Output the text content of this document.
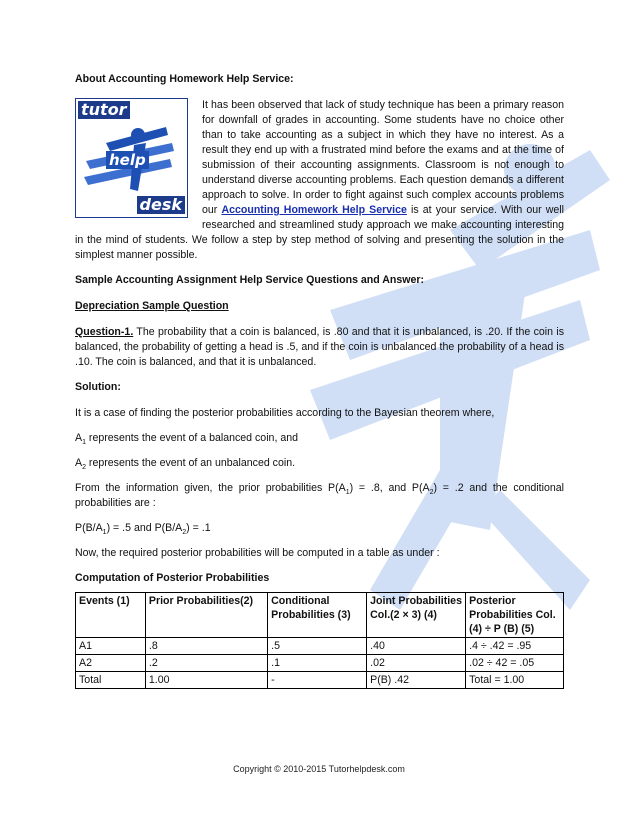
About Accounting Homework Help Service:
tutor
help
desk
It has been observed that lack of study technique has been a primary reason for downfall of grades in accounting. Some students have no choice other than to take accounting as a subject in which they have no interest. As a result they end up with a frustrated mind before the exams and at the time of submission of their accounting assignments. Classroom is not enough to understand diverse accounting problems. Each question demands a different approach to solve. In order to fight against such complex accounts problems our Accounting Homework Help Service is at your service. With our well researched and streamlined study approach we make accounting interesting in the mind of students. We follow a step by step method of solving and presenting the solution in the simplest manner possible.
Sample Accounting Assignment Help Service Questions and Answer:
Depreciation Sample Question

Question-1. The probability that a coin is balanced, is .80 and that it is unbalanced, is .20. If the coin is balanced, the probability of getting a head is .5, and if the coin is unbalanced the probability of a head is .10. The coin is balanced, and that it is unbalanced.

Solution:

It is a case of finding the posterior probabilities according to the Bayesian theorem where,

$A_1$ represents the event of a balanced coin, and

$A_2$ represents the event of an unbalanced coin.

From the information given, the prior probabilities $P(A_1) = .8$, and $P(A_2) = .2$ and the conditional probabilities are :

$P(B/A_1) = .5$ and $P(B/A_2) = .1$

Now, the required posterior probabilities will be computed in a table as under :

Computation of Posterior Probabilities
Events (1)	Prior Probabilities(2)	Conditional Probabilities (3)	Joint Probabilities Col.(2 × 3) (4)	Posterior Probabilities Col. (4) ÷ P (B) (5)
A1	.8	.5	.40	.4 ÷ .42 = .95
A2	.2	.1	.02	.02 ÷ 42 = .05
Total	1.00	-	P(B) .42	Total = 1.00
Copyright © 2010-2015 Tutorhelpdesk.com
